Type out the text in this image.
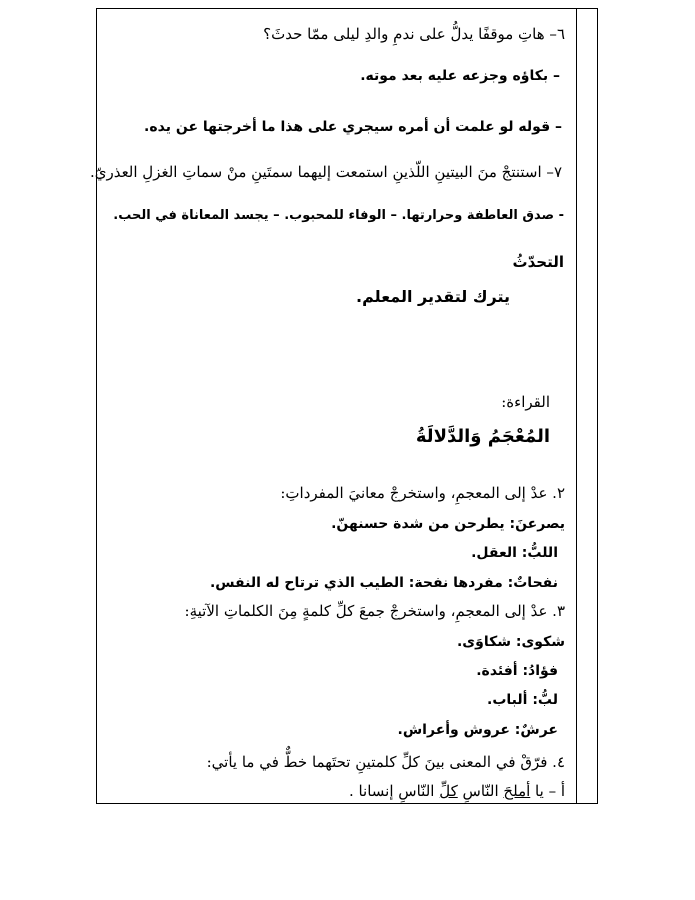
٦– هاتِ موقفًا يدلُّ على ندمِ والدِ ليلى ممّا حدثَ؟
– بكاؤه وجزعه عليه بعد موته.
– قوله لو علمت أن أمره سيجري على هذا ما أخرجتها عن يده.
٧– استنتجْ منَ البيتينِ اللّذينِ استمعت إليهما سمتَينِ منْ سماتِ الغزلِ العذريّ.
- صدق العاطفة وحرارتها. – الوفاء للمحبوب. – يجسد المعاناة في الحب.
التحدّثُ
يترك لتقدير المعلم.
القراءة:
المُعْجَمُ وَالدَّلالَةُ
٢. عدْ إلى المعجمِ، واستخرجْ معانيَ المفرداتِ:
يصرعنَ: يطرحن من شدة حسنهنّ.
اللبُّ: العقل.
نفحاتٌ: مفردها نفحة: الطيب الذي ترتاح له النفس.
٣. عدْ إلى المعجمِ، واستخرجْ جمعَ كلِّ كلمةٍ مِنَ الكلماتِ الآتيةِ:
شكوى: شكاوَى.
فؤادُ: أفئدة.
لبُّ: ألباب.
عرشٌ: عروش وأعراش.
٤. فرّقْ في المعنى بينَ كلِّ كلمتينِ تحتَهما خطٌّ في ما يأتي:
أ – يا أملحَ النّاسِ كلِّ النّاسِ إنسانا .
